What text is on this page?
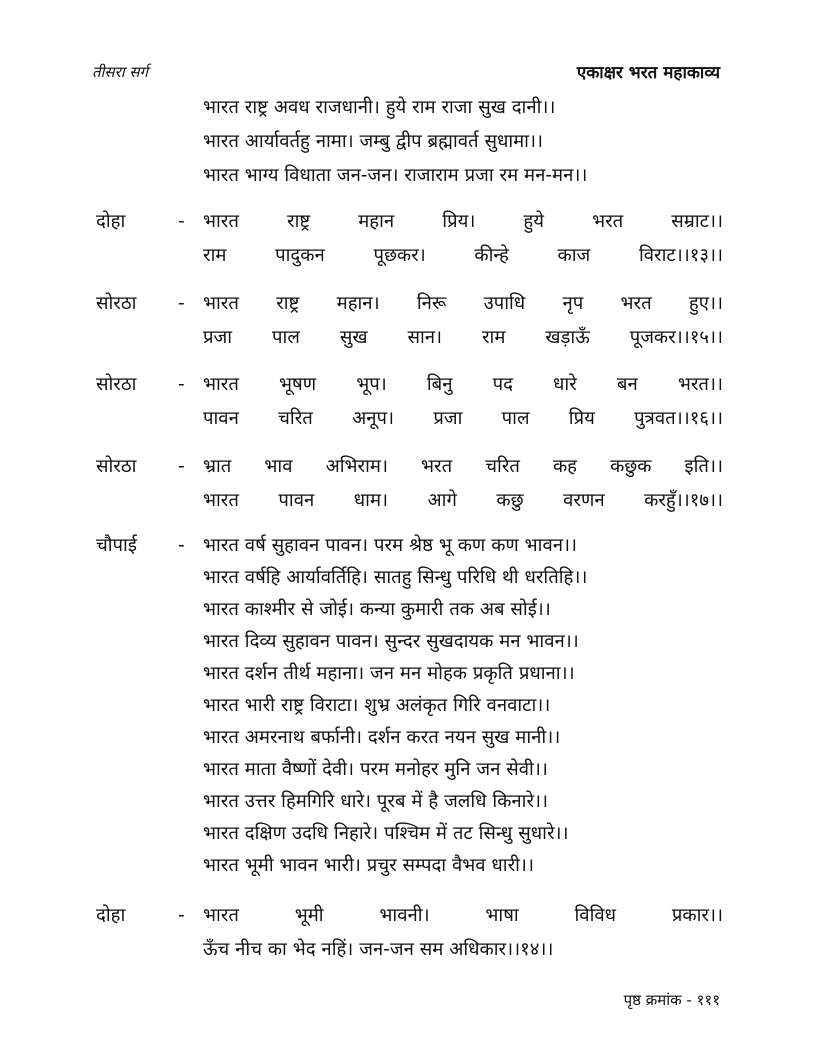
तीसरा सर्ग	एकाक्षर भरत महाकाव्य
भारत राष्ट्र अवध राजधानी। हुये राम राजा सुख दानी।।
भारत आर्यावर्तहु नामा। जम्बु द्वीप ब्रह्मावर्त सुधामा।।
भारत भाग्य विधाता जन-जन। राजाराम प्रजा रम मन-मन।।
दोहा	- भारत राष्ट्र महान प्रिय। हुये भरत सम्राट।।
राम पादुकन पूछकर। कीन्हे काज विराट।।१३।।
सोरठा - भारत राष्ट्र महान। निरू उपाधि नृप भरत हुए।।
प्रजा पाल सुख सान। राम खड़ाऊँ पूजकर।।१५।।
सोरठा - भारत भूषण भूप। बिनु पद धारे बन भरत।।
पावन चरित अनूप। प्रजा पाल प्रिय पुत्रवत।।१६।।
सोरठा - भ्रात भाव अभिराम। भरत चरित कह कछुक इति।।
भारत पावन धाम। आगे कछु वरणन करहुँ।।१७।।
चौपाई - भारत वर्ष सुहावन पावन। परम श्रेष्ठ भू कण कण भावन।।
भारत वर्षहि आर्यावर्तिहि। सातहु सिन्धु परिधि थी धरतिहि।।
भारत काश्मीर से जोई। कन्या कुमारी तक अब सोई।।
भारत दिव्य सुहावन पावन। सुन्दर सुखदायक मन भावन।।
भारत दर्शन तीर्थ महाना। जन मन मोहक प्रकृति प्रधाना।।
भारत भारी राष्ट्र विराटा। शुभ्र अलंकृत गिरि वनवाटा।।
भारत अमरनाथ बर्फानी। दर्शन करत नयन सुख मानी।।
भारत माता वैष्णों देवी। परम मनोहर मुनि जन सेवी।।
भारत उत्तर हिमगिरि धारे। पूरब में है जलधि किनारे।।
भारत दक्षिण उदधि निहारे। पश्चिम में तट सिन्धु सुधारे।।
भारत भूमी भावन भारी। प्रचुर सम्पदा वैभव धारी।।
दोहा	- भारत भूमी भावनी। भाषा विविध प्रकार।।
ऊँच नीच का भेद नहिं। जन-जन सम अधिकार।।१४।।
पृष्ठ क्रमांक - १११
